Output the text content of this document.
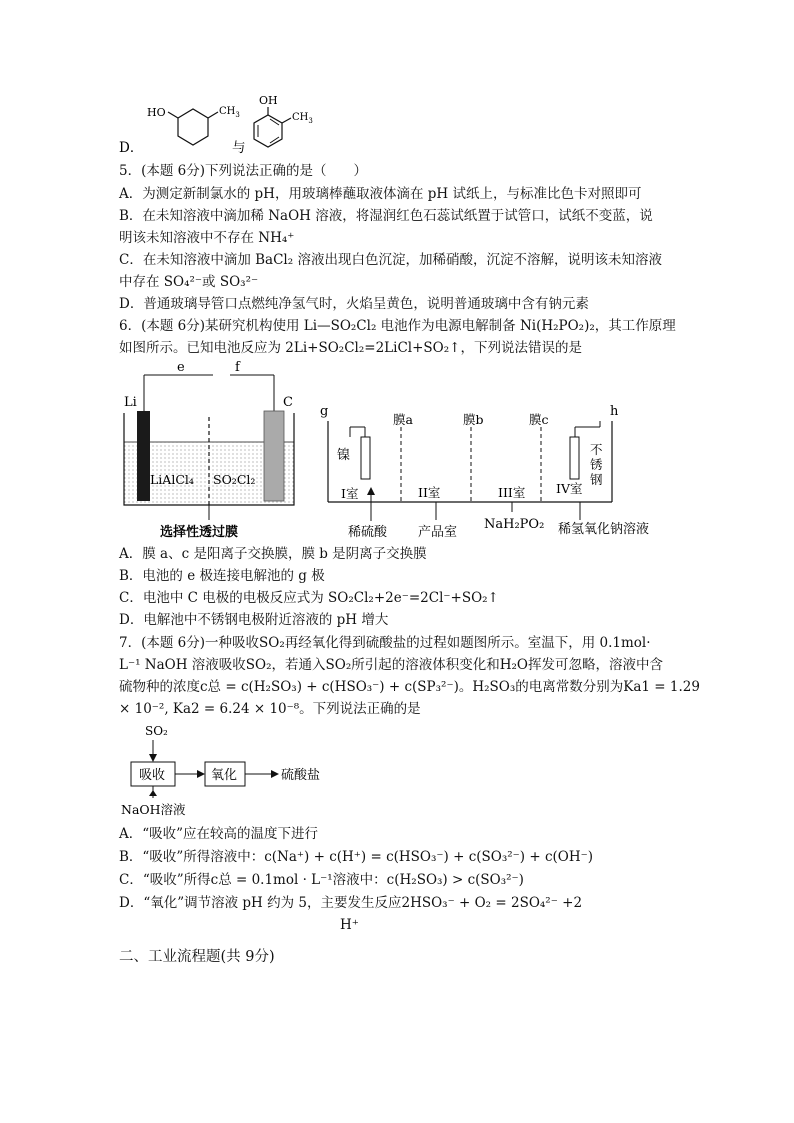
D．
HO	$CH_3$
与
OH
$CH_3$
5．(本题 6分)下列说法正确的是（　　）
A．为测定新制氯水的 pH，用玻璃棒蘸取液体滴在 pH 试纸上，与标准比色卡对照即可
B．在未知溶液中滴加稀 NaOH 溶液，将湿润红色石蕊试纸置于试管口，试纸不变蓝，说
明该未知溶液中不存在 NH₄⁺
C．在未知溶液中滴加 BaCl₂ 溶液出现白色沉淀，加稀硝酸，沉淀不溶解，说明该未知溶液
中存在 SO₄²⁻或 SO₃²⁻
D．普通玻璃导管口点燃纯净氢气时，火焰呈黄色，说明普通玻璃中含有钠元素
6．(本题 6分)某研究机构使用 Li—SO₂Cl₂ 电池作为电源电解制备 Ni(H₂PO₂)₂，其工作原理
如图所示。已知电池反应为 2Li+SO₂Cl₂=2LiCl+SO₂↑，下列说法错误的是
e	f
Li	C
LiAlCl₄ SO₂Cl₂
选择性透过膜
g	h
镍	不
锈
钢
膜a	膜b	膜c
I室	II室	III室 IV室
稀硫酸 产品室
NaH₂PO₂ 稀氢氧化钠溶液
A．膜 a、c 是阳离子交换膜，膜 b 是阴离子交换膜
B．电池的 e 极连接电解池的 g 极
C．电池中 C 电极的电极反应式为 SO₂Cl₂+2e⁻=2Cl⁻+SO₂↑
D．电解池中不锈钢电极附近溶液的 pH 增大
7．(本题 6分)一种吸收SO₂再经氧化得到硫酸盐的过程如题图所示。室温下，用 0.1mol·
L⁻¹ NaOH 溶液吸收SO₂，若通入SO₂所引起的溶液体积变化和H₂O挥发可忽略，溶液中含
硫物种的浓度c总 = c(H₂SO₃) + c(HSO₃⁻) + c(SP₃²⁻)。H₂SO₃的电离常数分别为Ka1 = 1.29
× 10⁻², Ka2 = 6.24 × 10⁻⁸。下列说法正确的是
SO₂
吸收	氧化	硫酸盐
NaOH溶液
A．“吸收”应在较高的温度下进行
B．“吸收”所得溶液中：c(Na⁺) + c(H⁺) = c(HSO₃⁻) + c(SO₃²⁻) + c(OH⁻)
C．“吸收”所得c总 = 0.1mol · L⁻¹溶液中：c(H₂SO₃) > c(SO₃²⁻)
D．“氧化”调节溶液 pH 约为 5，主要发生反应2HSO₃⁻ + O₂ = 2SO₄²⁻ +2
H⁺
二、工业流程题(共 9分)
